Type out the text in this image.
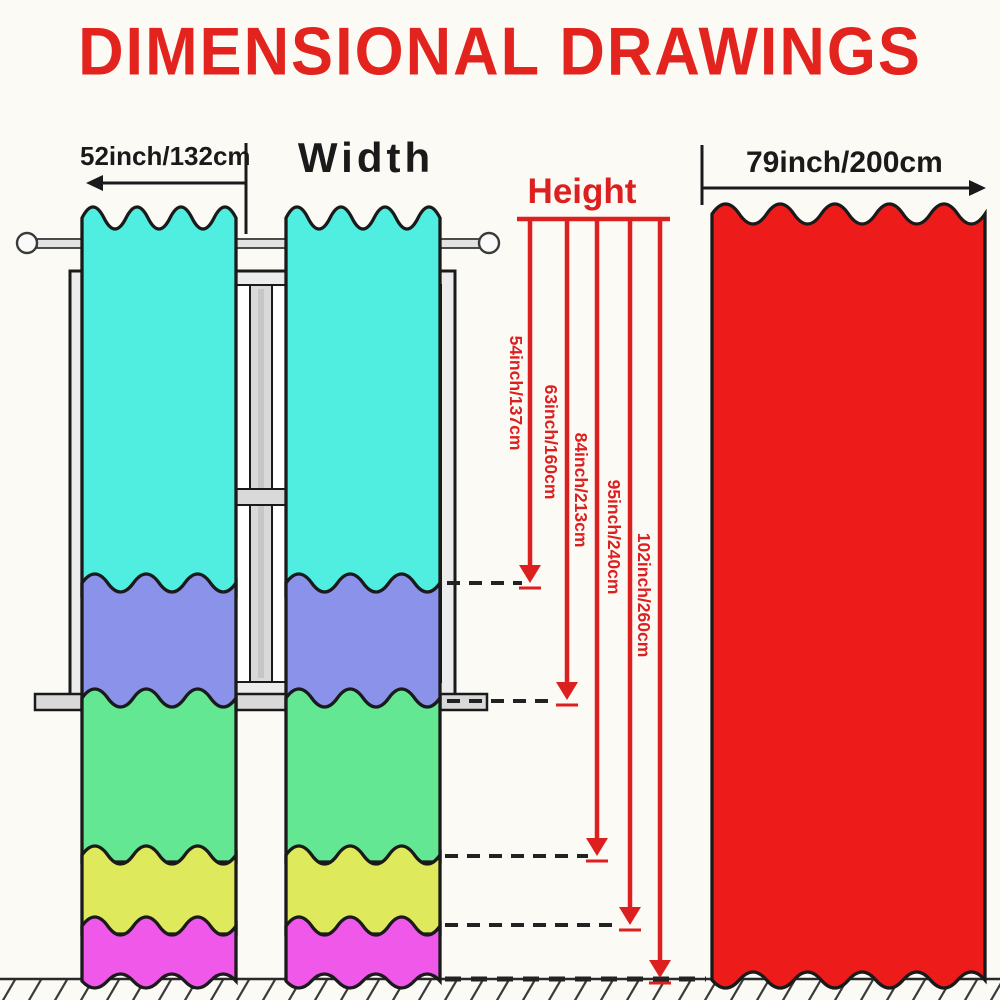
DIMENSIONAL DRAWINGS
52inch/132cm Width
Height
54inch/137cm 63inch/160cm 84inch/213cm 95inch/240cm 102inch/260cm
79inch/200cm
